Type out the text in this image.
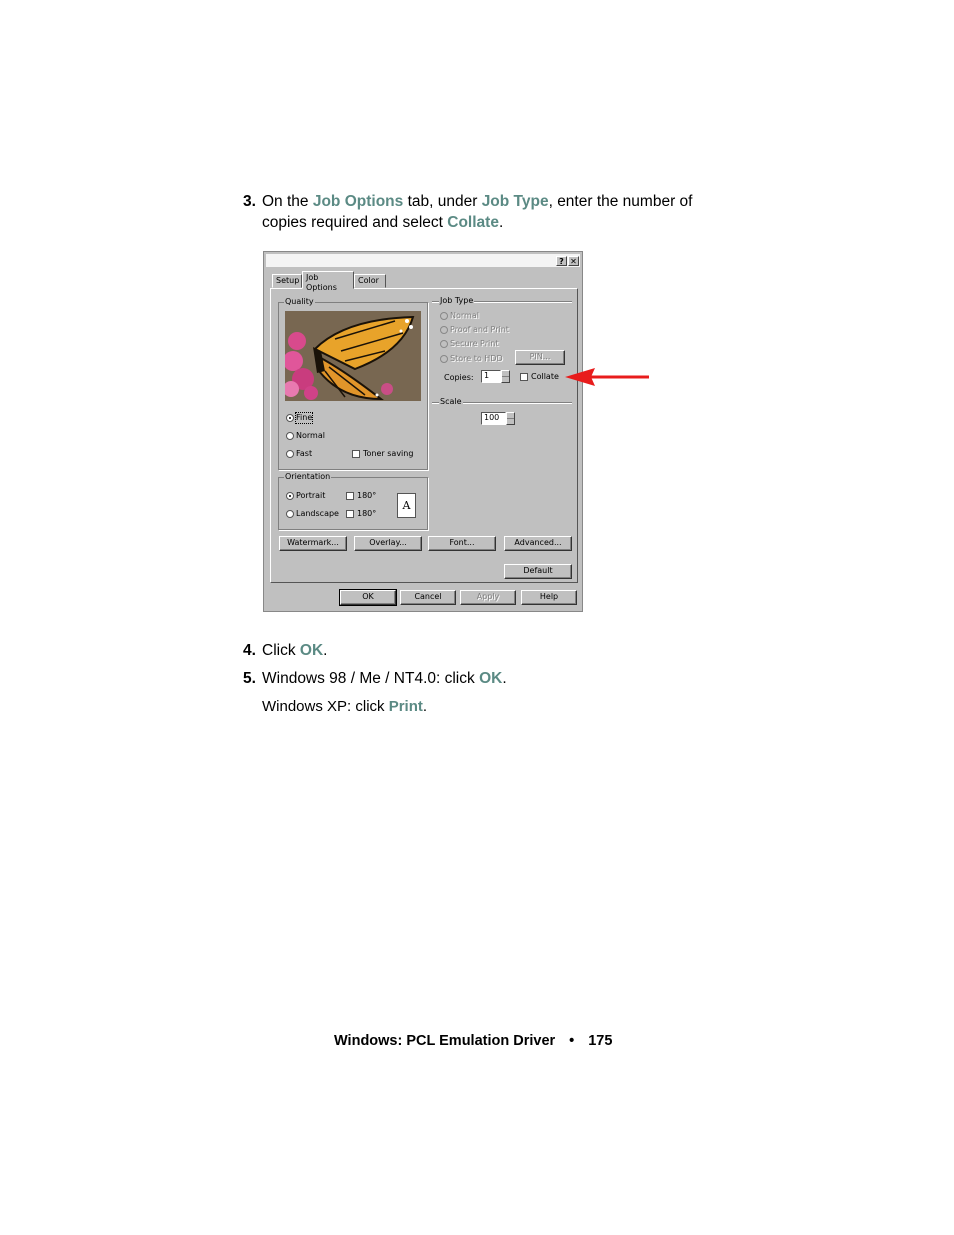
3. On the Job Options tab, under Job Type, enter the number of
copies required and select Collate.
? ✕
Setup Job Options
Color
Quality
Fine
Normal
Fast	Toner saving
Orientation
Portrait	180°
Landscape 180°
A
Job Type
Normal
Proof and Print
Secure Print
Store to HDD	PIN...
Copies:	1	Collate
Scale
100
Watermark...	Overlay...	Font...	Advanced...
Default
OK	Cancel	Apply	Help
4. Click OK.
5. Windows 98 / Me / NT4.0: click OK.
Windows XP: click Print.
Windows: PCL Emulation Driver • 175
